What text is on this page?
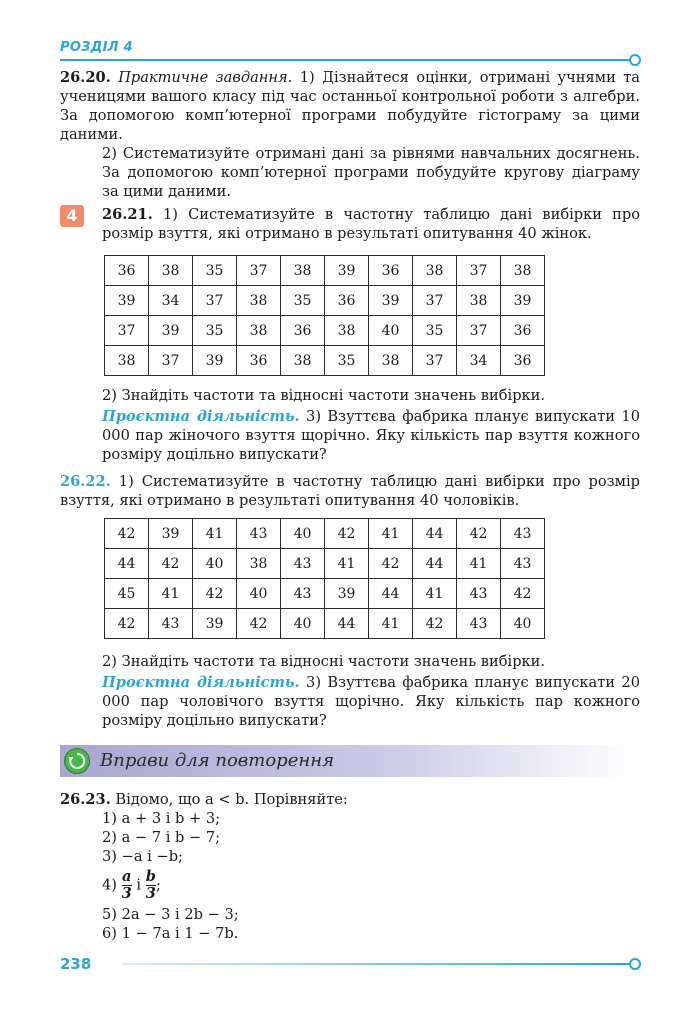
РОЗДІЛ 4
26.20. Практичне завдання. 1) Дізнайтеся оцінки, отримані учнями та ученицями вашого класу під час останньої контрольної роботи з алгебри. За допомогою комп’ютерної програми побудуйте гістограму за цими даними.
2) Систематизуйте отримані дані за рівнями навчальних досягнень. За допомогою комп’ютерної програми побудуйте кругову діаграму за цими даними.
4	26.21. 1) Систематизуйте в частотну таблицю дані вибірки про розмір взуття, які отримано в результаті опитування 40 жінок.
36	38	35	37	38	39	36	38	37	38
39	34	37	38	35	36	39	37	38	39
37	39	35	38	36	38	40	35	37	36
38	37	39	36	38	35	38	37	34	36
2) Знайдіть частоти та відносні частоти значень вибірки.
Проєктна діяльність. 3) Взуттєва фабрика планує випускати 10 000 пар жіночого взуття щорічно. Яку кількість пар взуття кожного розміру доцільно випускати?
26.22. 1) Систематизуйте в частотну таблицю дані вибірки про розмір взуття, які отримано в результаті опитування 40 чоловіків.
42	39	41	43	40	42	41	44	42	43
44	42	40	38	43	41	42	44	41	43
45	41	42	40	43	39	44	41	43	42
42	43	39	42	40	44	41	42	43	40
2) Знайдіть частоти та відносні частоти значень вибірки.
Проєктна діяльність. 3) Взуттєва фабрика планує випускати 20 000 пар чоловічого взуття щорічно. Яку кількість пар кожного розміру доцільно випускати?
Вправи для повторення
26.23. Відомо, що a < b. Порівняйте:
1) a + 3 і b + 3;
2) a − 7 і b − 7;
3) −a і −b;
$4) \frac{a}{3}$ і $\frac{b}{3}$ ;
5) 2a − 3 і 2b − 3;
6) 1 − 7a і 1 − 7b.
238
